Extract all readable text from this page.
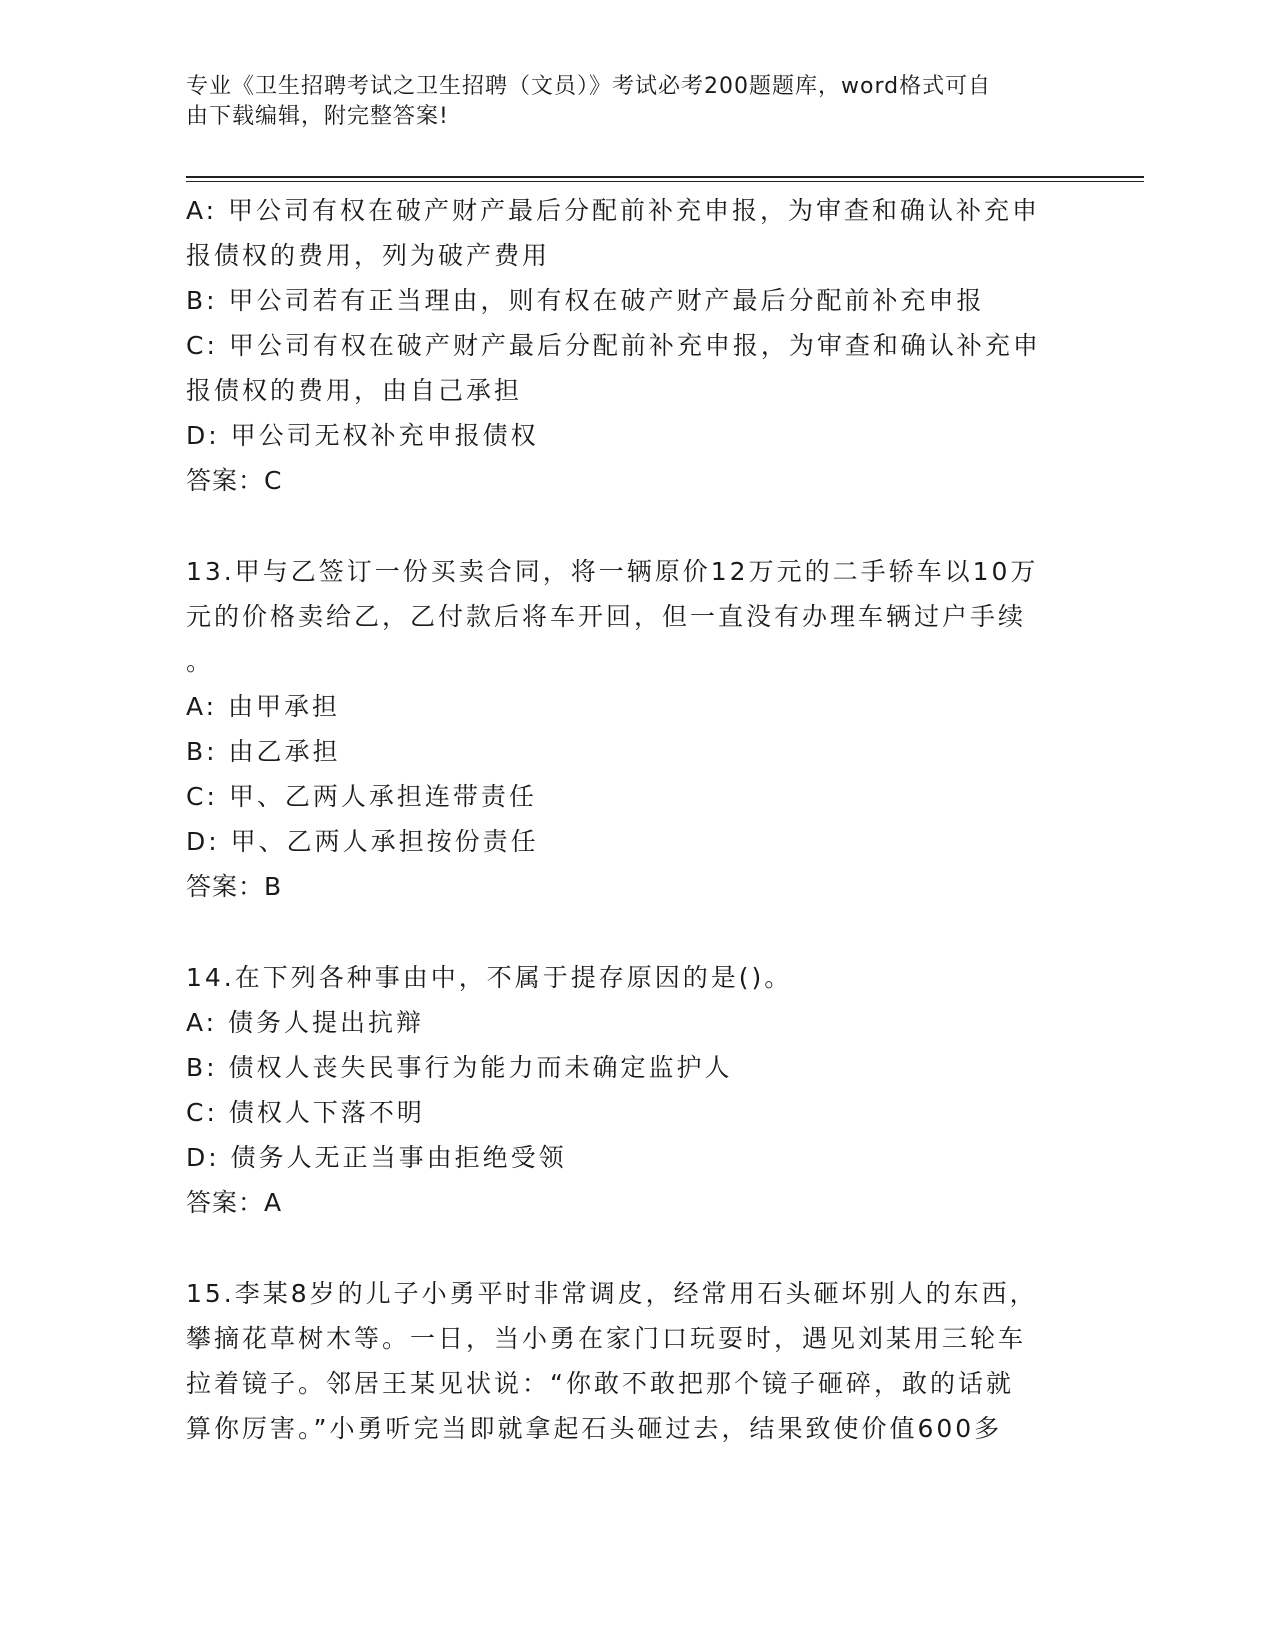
专业《卫生招聘考试之卫生招聘（文员）》考试必考200题题库，word格式可自
由下载编辑，附完整答案!

A: 甲公司有权在破产财产最后分配前补充申报，为审查和确认补充申

报债权的费用，列为破产费用

B: 甲公司若有正当理由，则有权在破产财产最后分配前补充申报

C: 甲公司有权在破产财产最后分配前补充申报，为审查和确认补充申

报债权的费用，由自己承担

D: 甲公司无权补充申报债权

答案：C

13.甲与乙签订一份买卖合同，将一辆原价12万元的二手轿车以10万

元的价格卖给乙，乙付款后将车开回，但一直没有办理车辆过户手续

。

A: 由甲承担

B: 由乙承担

C: 甲、乙两人承担连带责任

D: 甲、乙两人承担按份责任

答案：B

14.在下列各种事由中，不属于提存原因的是()。

A: 债务人提出抗辩

B: 债权人丧失民事行为能力而未确定监护人

C: 债权人下落不明

D: 债务人无正当事由拒绝受领

答案：A

15.李某8岁的儿子小勇平时非常调皮，经常用石头砸坏别人的东西，

攀摘花草树木等。一日，当小勇在家门口玩耍时，遇见刘某用三轮车

拉着镜子。邻居王某见状说：“你敢不敢把那个镜子砸碎，敢的话就

算你厉害。”小勇听完当即就拿起石头砸过去，结果致使价值600多
